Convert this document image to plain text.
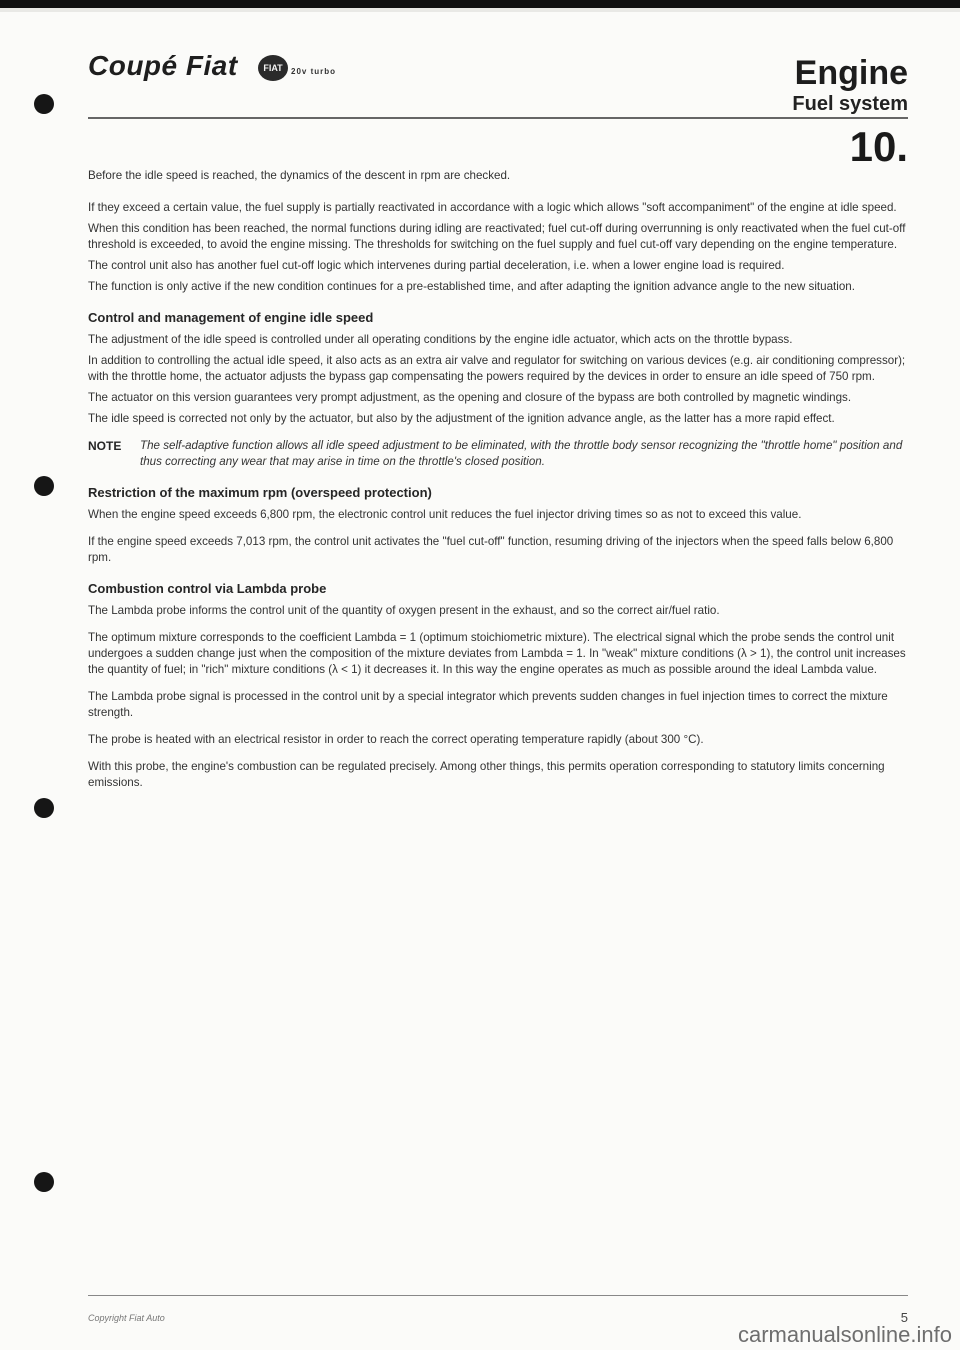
Coupé Fiat	FIAT	20v turbo	Engine
Fuel system
10.

Before the idle speed is reached, the dynamics of the descent in rpm are checked.

If they exceed a certain value, the fuel supply is partially reactivated in accordance with a logic which allows "soft accompaniment" of the engine at idle speed.

When this condition has been reached, the normal functions during idling are reactivated; fuel cut-off during overrunning is only reactivated when the fuel cut-off threshold is exceeded, to avoid the engine missing. The thresholds for switching on the fuel supply and fuel cut-off vary depending on the engine temperature.

The control unit also has another fuel cut-off logic which intervenes during partial deceleration, i.e. when a lower engine load is required.

The function is only active if the new condition continues for a pre-established time, and after adapting the ignition advance angle to the new situation.

Control and management of engine idle speed

The adjustment of the idle speed is controlled under all operating conditions by the engine idle actuator, which acts on the throttle bypass.

In addition to controlling the actual idle speed, it also acts as an extra air valve and regulator for switching on various devices (e.g. air conditioning compressor); with the throttle home, the actuator adjusts the bypass gap compensating the powers required by the devices in order to ensure an idle speed of 750 rpm.

The actuator on this version guarantees very prompt adjustment, as the opening and closure of the bypass are both controlled by magnetic windings.

The idle speed is corrected not only by the actuator, but also by the adjustment of the ignition advance angle, as the latter has a more rapid effect.

NOTE	The self-adaptive function allows all idle speed adjustment to be eliminated, with the throttle body sensor recognizing the "throttle home" position and thus correcting any wear that may arise in time on the throttle's closed position.
Restriction of the maximum rpm (overspeed protection)

When the engine speed exceeds 6,800 rpm, the electronic control unit reduces the fuel injector driving times so as not to exceed this value.

If the engine speed exceeds 7,013 rpm, the control unit activates the "fuel cut-off" function, resuming driving of the injectors when the speed falls below 6,800 rpm.

Combustion control via Lambda probe

The Lambda probe informs the control unit of the quantity of oxygen present in the exhaust, and so the correct air/fuel ratio.

The optimum mixture corresponds to the coefficient Lambda = 1 (optimum stoichiometric mixture). The electrical signal which the probe sends the control unit undergoes a sudden change just when the composition of the mixture deviates from Lambda = 1. In "weak" mixture conditions (λ > 1), the control unit increases the quantity of fuel; in "rich" mixture conditions (λ < 1) it decreases it. In this way the engine operates as much as possible around the ideal Lambda value.

The Lambda probe signal is processed in the control unit by a special integrator which prevents sudden changes in fuel injection times to correct the mixture strength.

The probe is heated with an electrical resistor in order to reach the correct operating temperature rapidly (about 300 °C).

With this probe, the engine's combustion can be regulated precisely. Among other things, this permits operation corresponding to statutory limits concerning emissions.

Copyright Fiat Auto	5
carmanualsonline.info
